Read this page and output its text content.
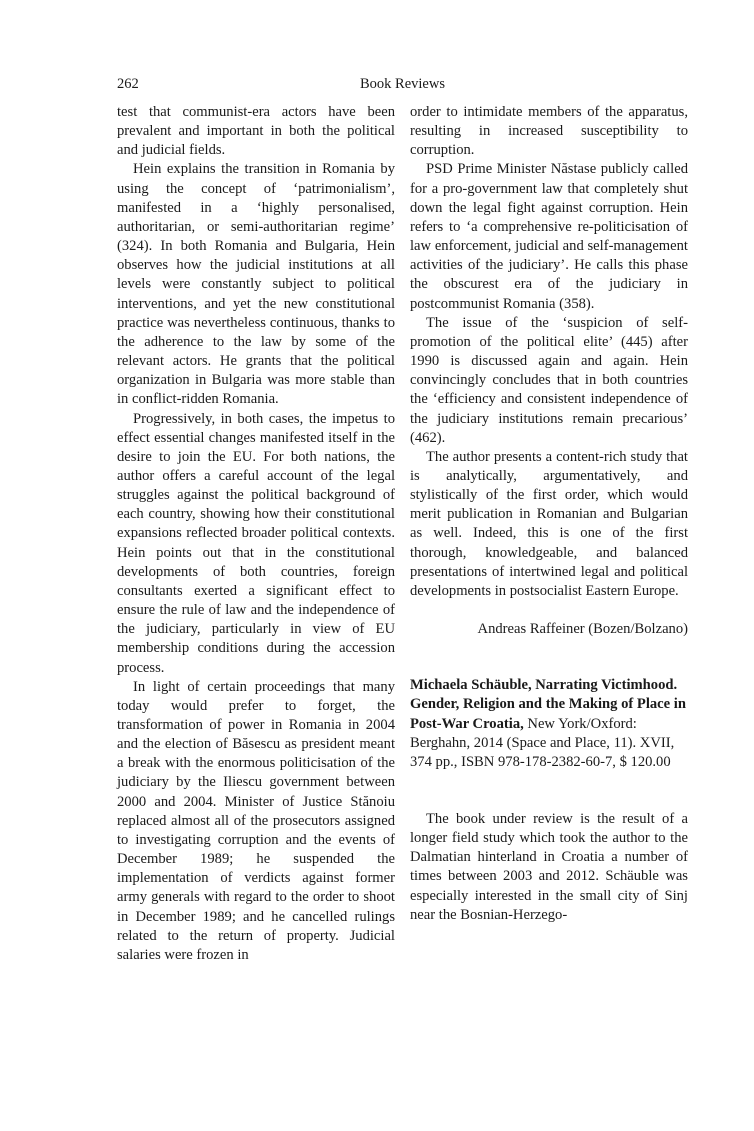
262	Book Reviews

test that communist-era actors have been prevalent and important in both the political and judicial fields.

Hein explains the transition in Romania by using the concept of ‘patrimonialism’, manifested in a ‘highly personalised, authoritarian, or semi-authoritarian regime’ (324). In both Romania and Bulgaria, Hein observes how the judicial institutions at all levels were constantly subject to political interventions, and yet the new constitutional practice was nevertheless continuous, thanks to the adherence to the law by some of the relevant actors. He grants that the political organization in Bulgaria was more stable than in conflict-ridden Romania.

Progressively, in both cases, the impetus to effect essential changes manifested itself in the desire to join the EU. For both nations, the author offers a careful account of the legal struggles against the political background of each country, showing how their constitutional expansions reflected broader political contexts. Hein points out that in the constitutional developments of both countries, foreign consultants exerted a significant effect to ensure the rule of law and the independence of the judiciary, particularly in view of EU membership conditions during the accession process.

In light of certain proceedings that many today would prefer to forget, the transformation of power in Romania in 2004 and the election of Băsescu as president meant a break with the enormous politicisation of the judiciary by the Iliescu government between 2000 and 2004. Minister of Justice Stănoiu replaced almost all of the prosecutors assigned to investigating corruption and the events of December 1989; he suspended the implementation of verdicts against former army generals with regard to the order to shoot in December 1989; and he cancelled rulings related to the return of property. Judicial salaries were frozen in

order to intimidate members of the apparatus, resulting in increased susceptibility to corruption.

PSD Prime Minister Năstase publicly called for a pro-government law that completely shut down the legal fight against corruption. Hein refers to ‘a comprehensive re-politicisation of law enforcement, judicial and self-management activities of the judiciary’. He calls this phase the obscurest era of the judiciary in postcommunist Romania (358).

The issue of the ‘suspicion of self-promotion of the political elite’ (445) after 1990 is discussed again and again. Hein convincingly concludes that in both countries the ‘efficiency and consistent independence of the judiciary institutions remain precarious’ (462).

The author presents a content-rich study that is analytically, argumentatively, and stylistically of the first order, which would merit publication in Romanian and Bulgarian as well. Indeed, this is one of the first thorough, knowledgeable, and balanced presentations of intertwined legal and political developments in postsocialist Eastern Europe.

Andreas Raffeiner (Bozen/Bolzano)

Michaela Schäuble, Narrating Victimhood. Gender, Religion and the Making of Place in Post-War Croatia, New York/Oxford: Berghahn, 2014 (Space and Place, 11). XVII, 374 pp., ISBN 978-178-2382-60-7, $ 120.00

The book under review is the result of a longer field study which took the author to the Dalmatian hinterland in Croatia a number of times between 2003 and 2012. Schäuble was especially interested in the small city of Sinj near the Bosnian-Herzego-
